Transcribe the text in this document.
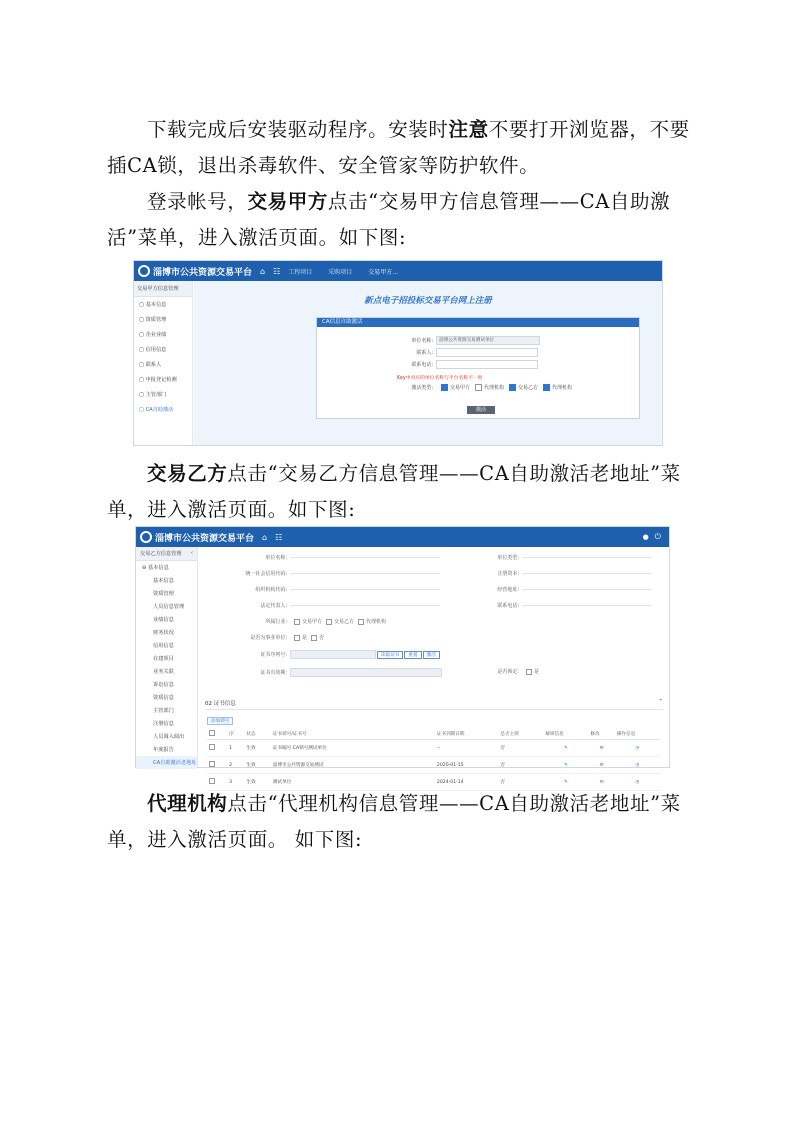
下载完成后安装驱动程序。安装时注意不要打开浏览器，不要插CA锁，退出杀毒软件、安全管家等防护软件。
登录帐号，交易甲方点击“交易甲方信息管理——CA自助激活”菜单，进入激活页面。如下图:
淄博市公共资源交易平台 ⌂ ☷ 工程项目	采购项目	交易甲方...
交易甲方信息管理
▢ 基本信息
▢ 资质管理
▢ 企业业绩
▢ 信用信息
▢ 联系人
▢ 申报登记检测
▢ 主管部门
▢ CA自助激活
新点电子招投标交易平台网上注册
CA信息自助激活
单位名称:	淄博公共资源交易测试单位
联系人:
联系电话:
Key中对应的单位名称与平台名称不一致
激活类型:	交易甲方	代理机构	交易乙方	代理机构
激活
交易乙方点击“交易乙方信息管理——CA自助激活老地址”菜单，进入激活页面。如下图:
淄博市公共资源交易平台 ⌂ ☷	● ⏻
交易乙方信息管理 ‹
⊖ 基本信息
基本信息
资质管理
人员信息管理
业绩信息
财务状况
信用信息
在建项目
业务关联
诉讼信息
资质信息
主管部门
注册信息
人员调入调出
年度报告
CA自助激活老地址
单位名称:
统一社会信用代码:
组织机构代码:
法定代表人:
所属行业:	交易甲方 交易乙方 代理机构
是否为事业单位:	是 否
证书序列号:	读取证书	重置	激活
证书有效期:
单位类型:
注册资本:
经营地址:
联系电话:
是否锁定:	是
02 证书信息	⌃
添加锁号
	序	状态	证书锁号/证书号	证书到期日期	是否主锁	解锁信息	修改	操作信息
	1	生效	证书编号 CA锁号测试单位	--	否	✎	✉	◷
	2	生效	淄博市公共资源交易测试	2020-01-15	否	✎	✉	◷
	3	生效	测试单位	2024-01-14	否	✎	✉	◷
代理机构点击“代理机构信息管理——CA自助激活老地址”菜单，进入激活页面。 如下图:
